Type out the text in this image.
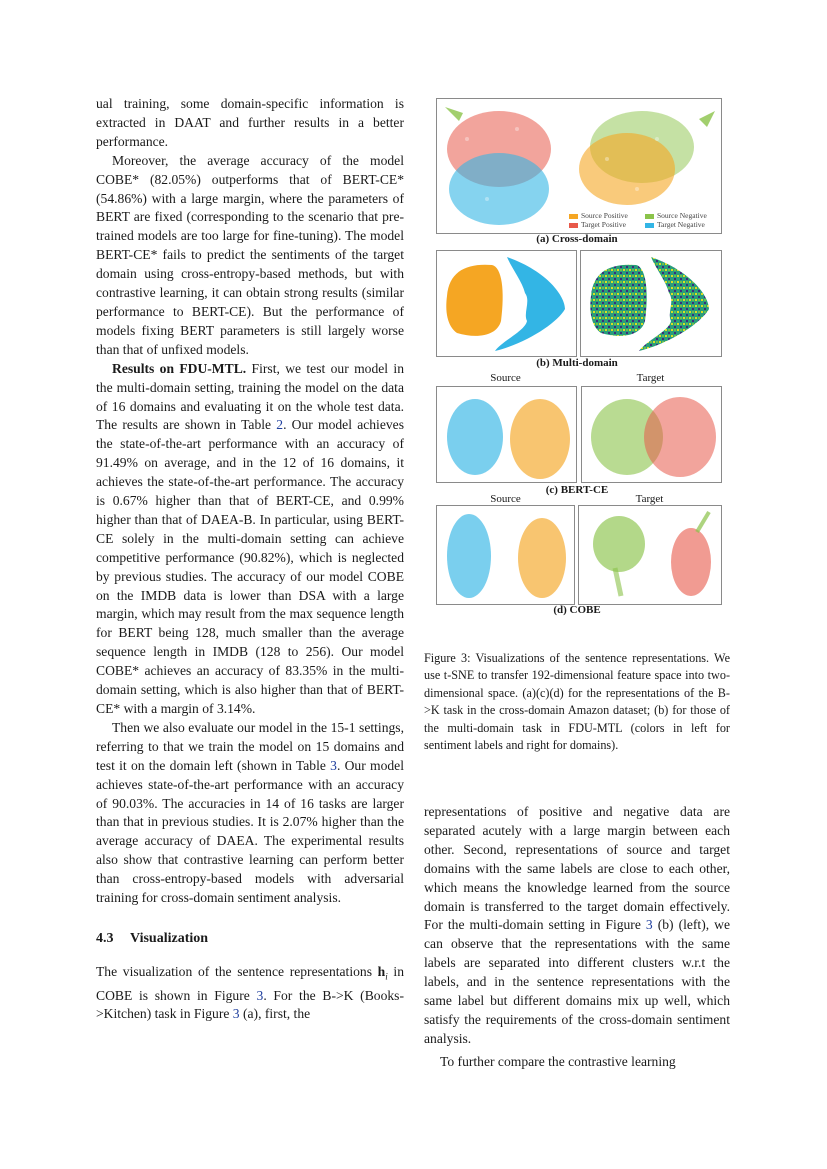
ual training, some domain-specific information is extracted in DAAT and further results in a better performance.

Moreover, the average accuracy of the model COBE* (82.05%) outperforms that of BERT-CE* (54.86%) with a large margin, where the parameters of BERT are fixed (corresponding to the scenario that pre-trained models are too large for fine-tuning). The model BERT-CE* fails to predict the sentiments of the target domain using cross-entropy-based methods, but with contrastive learning, it can obtain strong results (similar performance to BERT-CE). But the performance of models fixing BERT parameters is still largely worse than that of unfixed models.

Results on FDU-MTL. First, we test our model in the multi-domain setting, training the model on the data of 16 domains and evaluating it on the whole test data. The results are shown in Table 2. Our model achieves the state-of-the-art performance with an accuracy of 91.49% on average, and in the 12 of 16 domains, it achieves the state-of-the-art performance. The accuracy is 0.67% higher than that of BERT-CE, and 0.99% higher than that of DAEA-B. In particular, using BERT-CE solely in the multi-domain setting can achieve competitive performance (90.82%), which is neglected by previous studies. The accuracy of our model COBE on the IMDB data is lower than DSA with a large margin, which may result from the max sequence length for BERT being 128, much smaller than the average sequence length in IMDB (128 to 256). Our model COBE* achieves an accuracy of 83.35% in the multi-domain setting, which is also higher than that of BERT-CE* with a margin of 3.14%.

Then we also evaluate our model in the 15-1 settings, referring to that we train the model on 15 domains and test it on the domain left (shown in Table 3. Our model achieves state-of-the-art performance with an accuracy of 90.03%. The accuracies in 14 of 16 tasks are larger than that in previous studies. It is 2.07% higher than the average accuracy of DAEA. The experimental results also show that contrastive learning can perform better than cross-entropy-based models with adversarial training for cross-domain sentiment analysis.

4.3 Visualization

The visualization of the sentence representations $h_i$ in COBE is shown in Figure 3. For the B->K (Books->Kitchen) task in Figure 3 (a), first, the

Source Positive	Source Negative
Target Positive	Target Negative
(a) Cross-domain
(b) Multi-domain
Source	Target
(c) BERT-CE
Source	Target
(d) COBE
Figure 3: Visualizations of the sentence representations. We use t-SNE to transfer 192-dimensional feature space into two-dimensional space. (a)(c)(d) for the representations of the B->K task in the cross-domain Amazon dataset; (b) for those of the multi-domain task in FDU-MTL (colors in left for sentiment labels and right for domains).

representations of positive and negative data are separated acutely with a large margin between each other. Second, representations of source and target domains with the same labels are close to each other, which means the knowledge learned from the source domain is transferred to the target domain effectively. For the multi-domain setting in Figure 3 (b) (left), we can observe that the representations with the same labels are separated into different clusters w.r.t the labels, and in the sentence representations with the same label but different domains mix up well, which satisfy the requirements of the cross-domain sentiment analysis.

To further compare the contrastive learning
